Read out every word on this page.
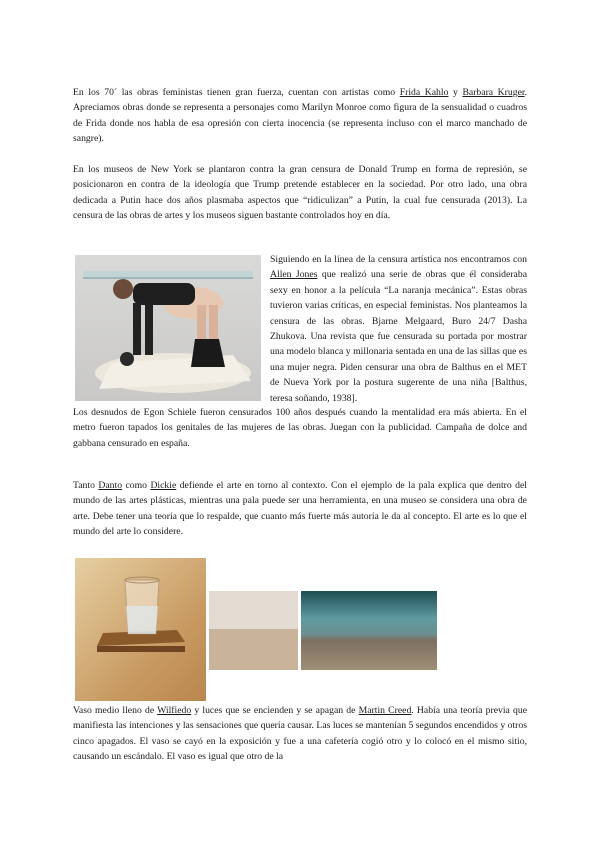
En los 70´ las obras feministas tienen gran fuerza, cuentan con artistas como Frida Kahlo y Barbara Kruger. Apreciamos obras donde se representa a personajes como Marilyn Monroe como figura de la sensualidad o cuadros de Frida donde nos habla de esa opresión con cierta inocencia (se representa incluso con el marco manchado de sangre).

En los museos de New York se plantaron contra la gran censura de Donald Trump en forma de represión, se posicionaron en contra de la ideología que Trump pretende establecer en la sociedad. Por otro lado, una obra dedicada a Putin hace dos años plasmaba aspectos que “ridiculizan” a Putin, la cual fue censurada (2013). La censura de las obras de artes y los museos siguen bastante controlados hoy en día.

Siguiendo en la línea de la censura artística nos encontramos con Allen Jones que realizó una serie de obras que él consideraba sexy en honor a la película “La naranja mecánica”. Estas obras tuvieron varias críticas, en especial feministas. Nos planteamos la censura de las obras. Bjarne Melgaard, Buro 24/7 Dasha Zhukova. Una revista que fue censurada su portada por mostrar una modelo blanca y millonaria sentada en una de las sillas que es una mujer negra. Piden censurar una obra de Balthus en el MET de Nueva York por la postura sugerente de una niña [Balthus, teresa soñando, 1938].

Los desnudos de Egon Schiele fueron censurados 100 años después cuando la mentalidad era más abierta. En el metro fueron tapados los genitales de las mujeres de las obras. Juegan con la publicidad. Campaña de dolce and gabbana censurado en españa.

Tanto Danto como Dickie defiende el arte en torno al contexto. Con el ejemplo de la pala explica que dentro del mundo de las artes plásticas, mientras una pala puede ser una herramienta, en una museo se considera una obra de arte. Debe tener una teoría que lo respalde, que cuanto más fuerte más autoría le da al concepto. El arte es lo que el mundo del arte lo considere.

Vaso medio lleno de Wilfiedo y luces que se encienden y se apagan de Martin Creed. Había una teoría previa que manifiesta las intenciones y las sensaciones que quería causar. Las luces se mantenían 5 segundos encendidos y otros cinco apagados. El vaso se cayó en la exposición y fue a una cafetería cogió otro y lo colocó en el mismo sitio, causando un escándalo. El vaso es igual que otro de la
